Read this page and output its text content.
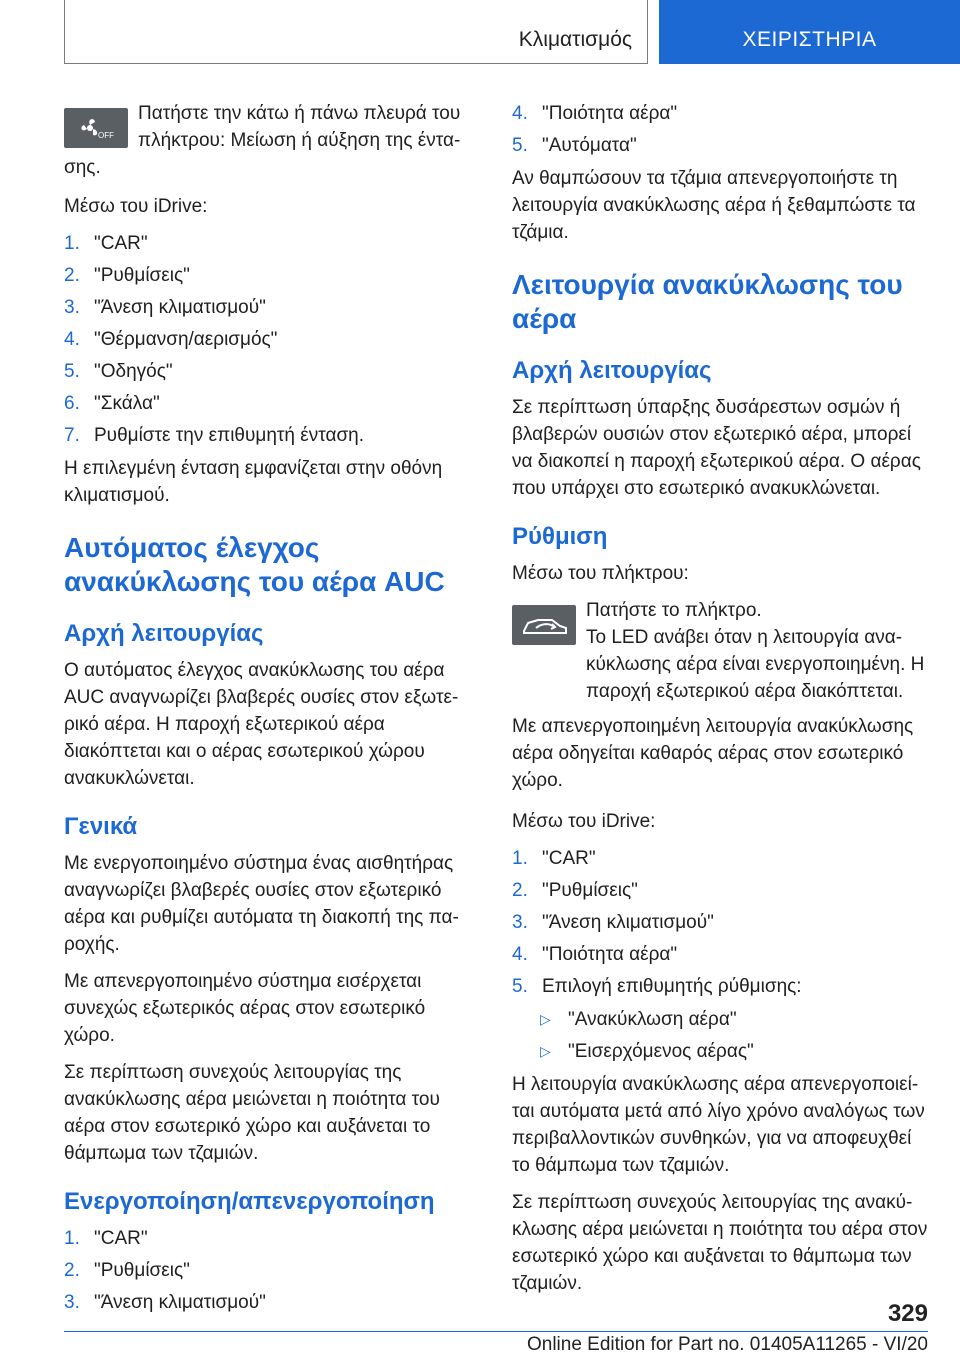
Κλιματισμός	ΧΕΙΡΙΣΤΗΡΙΑ
OFF
Πατήστε την κάτω ή πάνω πλευρά του
πλήκτρου: Μείωση ή αύξηση της έντα-
σης.

Μέσω του iDrive:

1. "CAR"
2. "Ρυθμίσεις"
3. "Άνεση κλιματισμού"
4. "Θέρμανση/αερισμός"
5. "Οδηγός"
6. "Σκάλα"
7. Ρυθμίστε την επιθυμητή ένταση.

Η επιλεγμένη ένταση εμφανίζεται στην οθόνη κλιματισμού.

Αυτόματος έλεγχος ανακύκλωσης του αέρα AUC
Αρχή λειτουργίας

Ο αυτόματος έλεγχος ανακύκλωσης του αέρα AUC αναγνωρίζει βλαβερές ουσίες στον εξωτερικό αέρα. Η παροχή εξωτερικού αέρα διακόπτεται και ο αέρας εσωτερικού χώρου ανακυκλώνεται.

Γενικά

Με ενεργοποιημένο σύστημα ένας αισθητήρας αναγνωρίζει βλαβερές ουσίες στον εξωτερικό αέρα και ρυθμίζει αυτόματα τη διακοπή της παροχής.

Με απενεργοποιημένο σύστημα εισέρχεται συνεχώς εξωτερικός αέρας στον εσωτερικό χώρο.

Σε περίπτωση συνεχούς λειτουργίας της ανακύκλωσης αέρα μειώνεται η ποιότητα του αέρα στον εσωτερικό χώρο και αυξάνεται το θάμπωμα των τζαμιών.

Ενεργοποίηση/απενεργοποίηση
1. "CAR"
2. "Ρυθμίσεις"
3. "Άνεση κλιματισμού"
4. "Ποιότητα αέρα"
5. "Αυτόματα"

Αν θαμπώσουν τα τζάμια απενεργοποιήστε τη λειτουργία ανακύκλωσης αέρα ή ξεθαμπώστε τα τζάμια.

Λειτουργία ανακύκλωσης του αέρα
Αρχή λειτουργίας

Σε περίπτωση ύπαρξης δυσάρεστων οσμών ή βλαβερών ουσιών στον εξωτερικό αέρα, μπορεί να διακοπεί η παροχή εξωτερικού αέρα. Ο αέρας που υπάρχει στο εσωτερικό ανακυκλώνεται.

Ρύθμιση

Μέσω του πλήκτρου:

Πατήστε το πλήκτρο.
Το LED ανάβει όταν η λειτουργία ανακύκλωσης αέρα είναι ενεργοποιημένη. Η παροχή εξωτερικού αέρα διακόπτεται.

Με απενεργοποιημένη λειτουργία ανακύκλωσης αέρα οδηγείται καθαρός αέρας στον εσωτερικό χώρο.

Μέσω του iDrive:

1. "CAR"
2. "Ρυθμίσεις"
3. "Άνεση κλιματισμού"
4. "Ποιότητα αέρα"
5. Επιλογή επιθυμητής ρύθμισης:
▷ "Ανακύκλωση αέρα"
▷ "Εισερχόμενος αέρας"

Η λειτουργία ανακύκλωσης αέρα απενεργοποιείται αυτόματα μετά από λίγο χρόνο αναλόγως των περιβαλλοντικών συνθηκών, για να αποφευχθεί το θάμπωμα των τζαμιών.

Σε περίπτωση συνεχούς λειτουργίας της ανακύκλωσης αέρα μειώνεται η ποιότητα του αέρα στον εσωτερικό χώρο και αυξάνεται το θάμπωμα των τζαμιών.

329
Online Edition for Part no. 01405A11265 - VI/20
